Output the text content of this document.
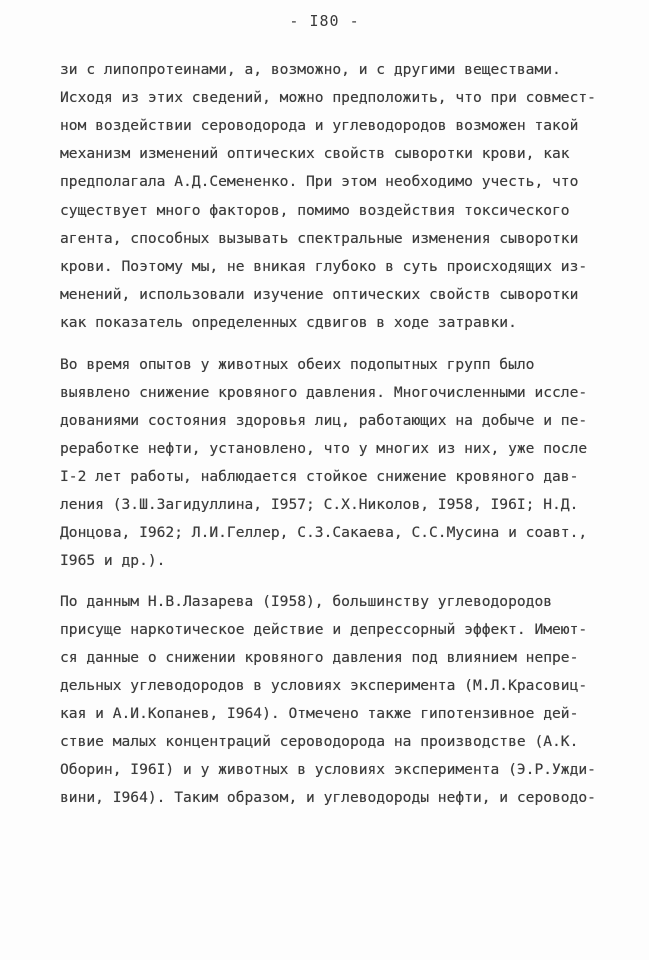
- I80 -
зи с липопротеинами, а, возможно, и с другими веществами.
Исходя из этих сведений, можно предположить, что при совмест-
ном воздействии сероводорода и углеводородов возможен такой
механизм изменений оптических свойств сыворотки крови, как
предполагала А.Д.Семененко. При этом необходимо учесть, что
существует много факторов, помимо воздействия токсического
агента, способных вызывать спектральные изменения сыворотки
крови. Поэтому мы, не вникая глубоко в суть происходящих из-
менений, использовали изучение оптических свойств сыворотки
как показатель определенных сдвигов в ходе затравки.
Во время опытов у животных обеих подопытных групп было
выявлено снижение кровяного давления. Многочисленными иссле-
дованиями состояния здоровья лиц, работающих на добыче и пе-
реработке нефти, установлено, что у многих из них, уже после
I-2 лет работы, наблюдается стойкое снижение кровяного дав-
ления (З.Ш.Загидуллина, I957; С.Х.Николов, I958, I96I; Н.Д.
Донцова, I962; Л.И.Геллер, С.З.Сакаева, С.С.Мусина и соавт.,
I965 и др.).
По данным Н.В.Лазарева (I958), большинству углеводородов
присуще наркотическое действие и депрессорный эффект. Имеют-
ся данные о снижении кровяного давления под влиянием непре-
дельных углеводородов в условиях эксперимента (М.Л.Красовиц-
кая и А.И.Копанев, I964). Отмечено также гипотензивное дей-
ствие малых концентраций сероводорода на производстве (А.К.
Оборин, I96I) и у животных в условиях эксперимента (Э.Р.Ужди-
вини, I964). Таким образом, и углеводороды нефти, и сероводо-
